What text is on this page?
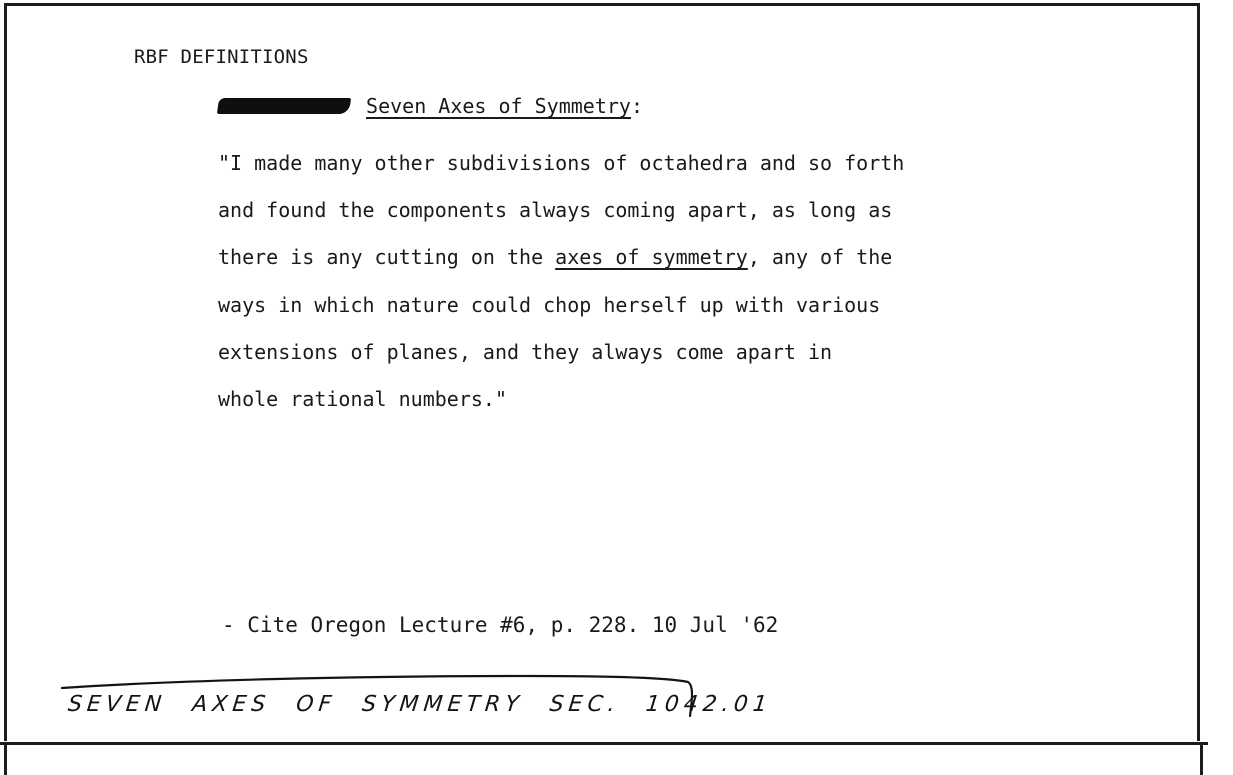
RBF DEFINITIONS
Seven Axes of Symmetry:
"I made many other subdivisions of octahedra and so forth
and found the components always coming apart, as long as
there is any cutting on the axes of symmetry, any of the
ways in which nature could chop herself up with various
extensions of planes, and they always come apart in
whole rational numbers."
- Cite Oregon Lecture #6, p. 228. 10 Jul '62
SEVEN AXES OF SYMMETRY SEC. 1042.01
